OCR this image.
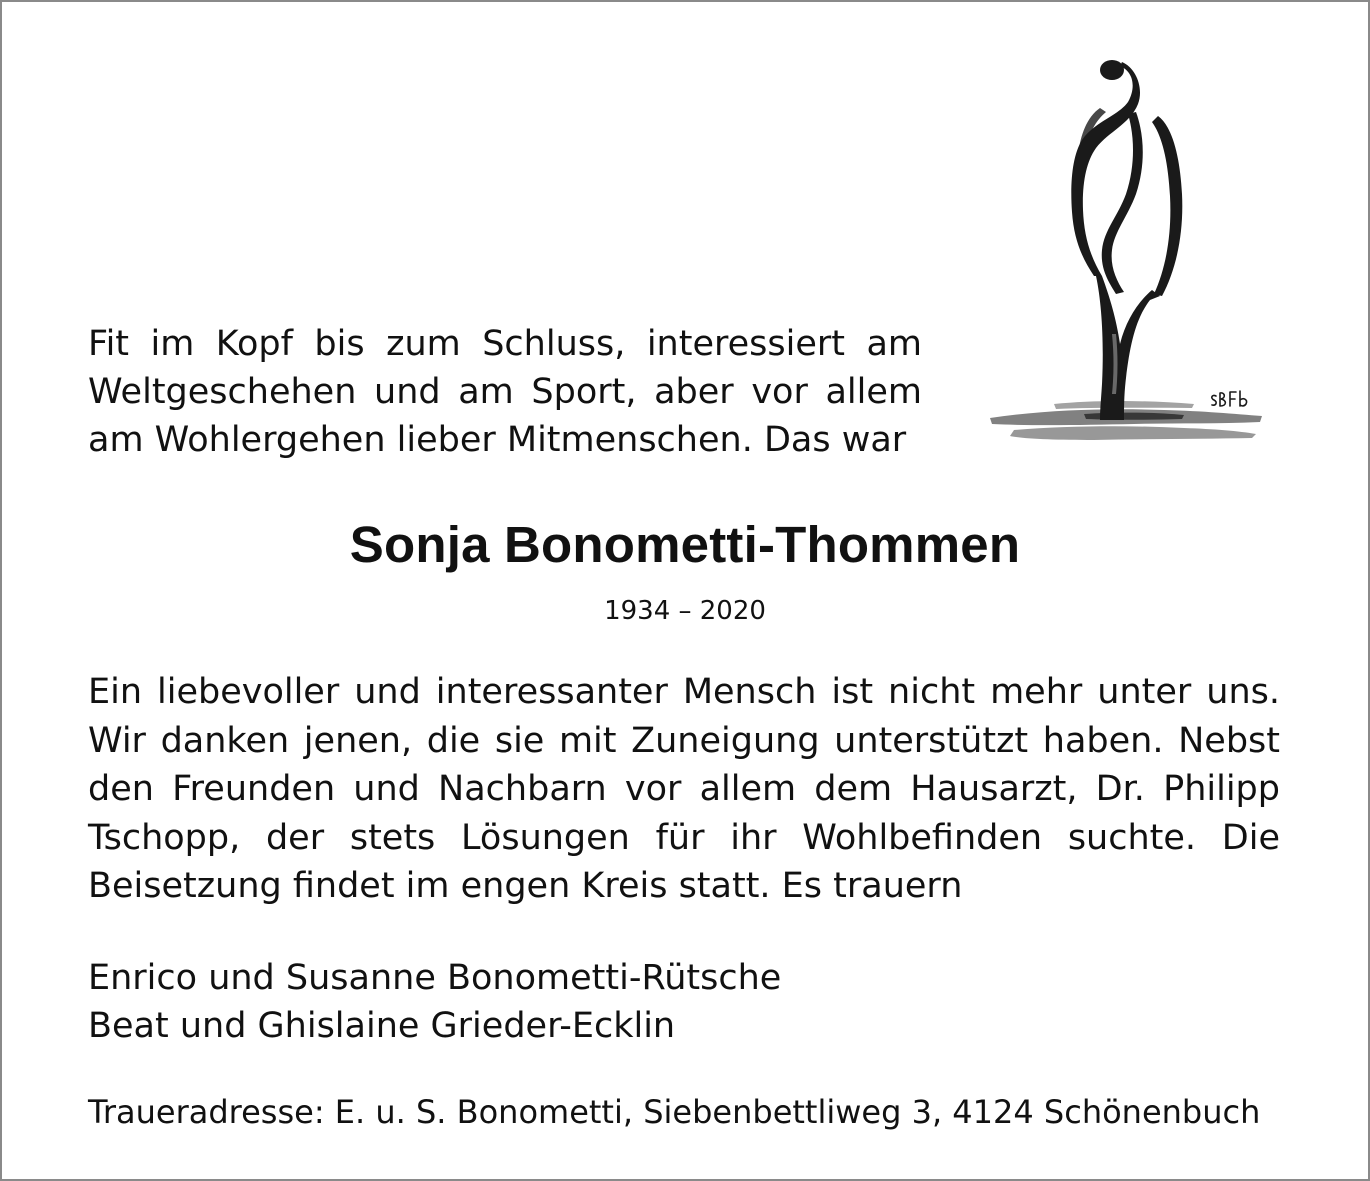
Fit im Kopf bis zum Schluss, interessiert am Weltgeschehen und am Sport, aber vor allem am Wohlergehen lieber Mitmenschen. Das war

Sonja Bonometti-Thommen

1934 – 2020

Ein liebevoller und interessanter Mensch ist nicht mehr unter uns. Wir danken jenen, die sie mit Zuneigung unterstützt haben. Nebst den Freunden und Nachbarn vor allem dem Hausarzt, Dr. Philipp Tschopp, der stets Lösungen für ihr Wohlbefinden suchte. Die Beisetzung findet im engen Kreis statt. Es trauern

Enrico und Susanne Bonometti-Rütsche
Beat und Ghislaine Grieder-Ecklin

Traueradresse: E. u. S. Bonometti, Siebenbettliweg 3, 4124 Schönenbuch
